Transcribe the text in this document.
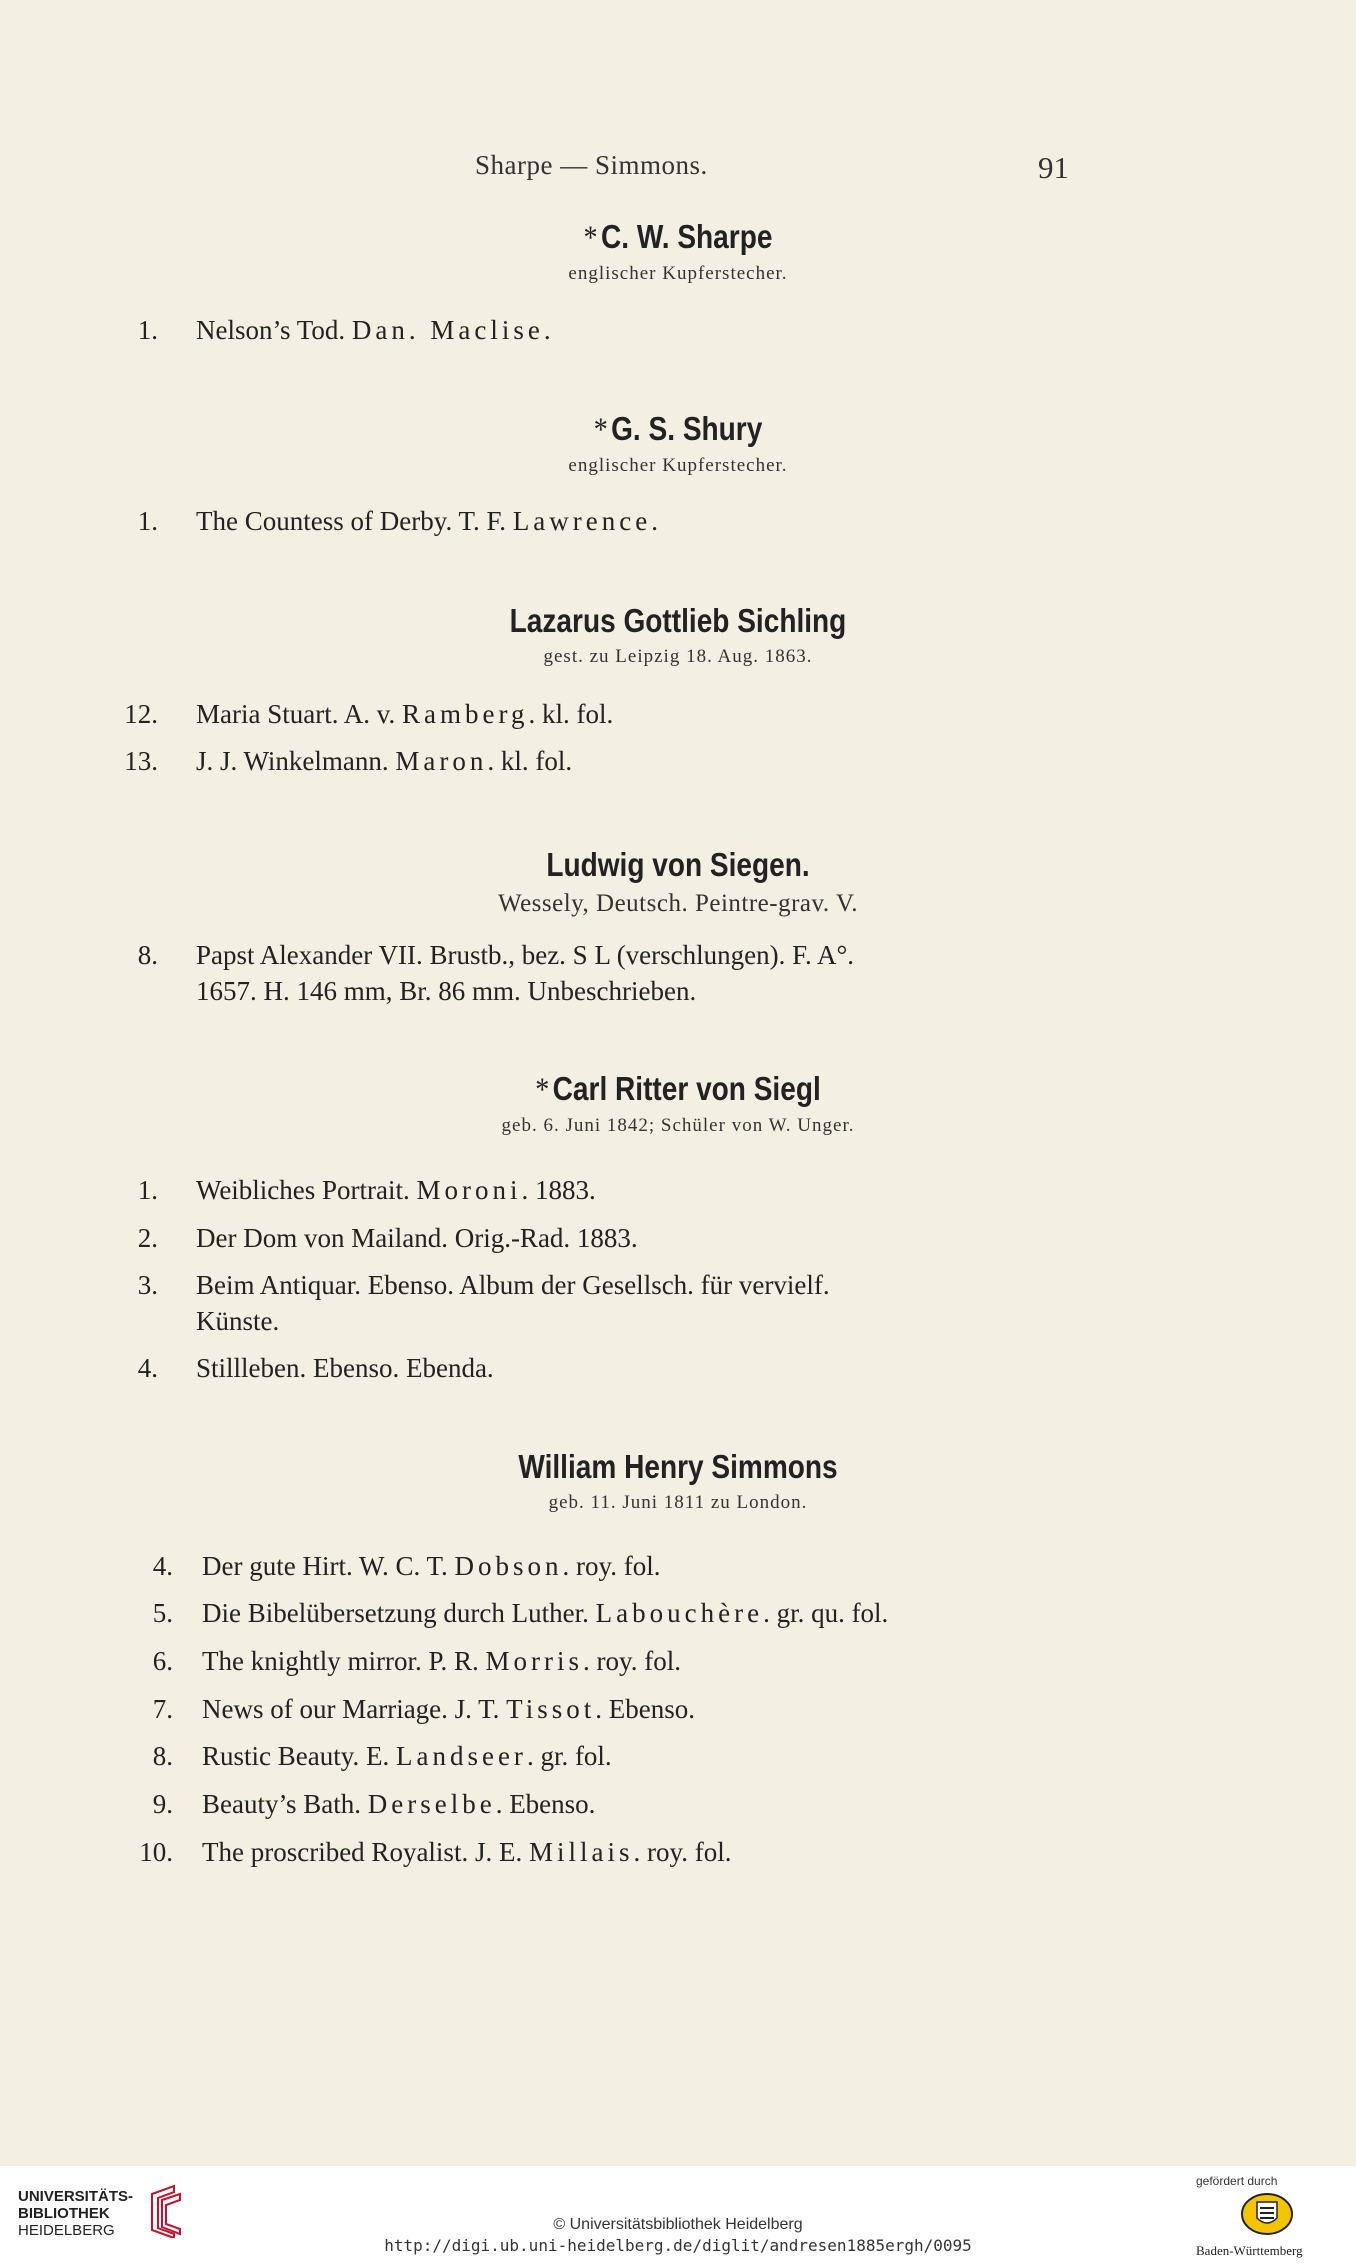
Sharpe — Simmons.	91
* C. W. Sharpe
englischer Kupferstecher.
1. Nelson’s Tod. Dan. Maclise.
* G. S. Shury
englischer Kupferstecher.
1. The Countess of Derby. T. F. Lawrence.
Lazarus Gottlieb Sichling
gest. zu Leipzig 18. Aug. 1863.
12. Maria Stuart. A. v. Ramberg. kl. fol.
13. J. J. Winkelmann. Maron. kl. fol.
Ludwig von Siegen.
Wessely, Deutsch. Peintre-grav. V.
8. Papst Alexander VII. Brustb., bez. S L (verschlungen). F. A°.
1657. H. 146 mm, Br. 86 mm. Unbeschrieben.
* Carl Ritter von Siegl
geb. 6. Juni 1842; Schüler von W. Unger.
1. Weibliches Portrait. Moroni. 1883.
2. Der Dom von Mailand. Orig.-Rad. 1883.
3. Beim Antiquar. Ebenso. Album der Gesellsch. für vervielf.
Künste.
4. Stillleben. Ebenso. Ebenda.
William Henry Simmons
geb. 11. Juni 1811 zu London.
4. Der gute Hirt. W. C. T. Dobson. roy. fol.
5. Die Bibelübersetzung durch Luther. Labouchère. gr. qu. fol.
6. The knightly mirror. P. R. Morris. roy. fol.
7. News of our Marriage. J. T. Tissot. Ebenso.
8. Rustic Beauty. E. Landseer. gr. fol.
9. Beauty’s Bath. Derselbe. Ebenso.
10. The proscribed Royalist. J. E. Millais. roy. fol.
UNIVERSITÄTS-
BIBLIOTHEK
HEIDELBERG	© Universitätsbibliothek Heidelberg
http://digi.ub.uni-heidelberg.de/diglit/andresen1885ergh/0095
gefördert durch
Baden-Württemberg
